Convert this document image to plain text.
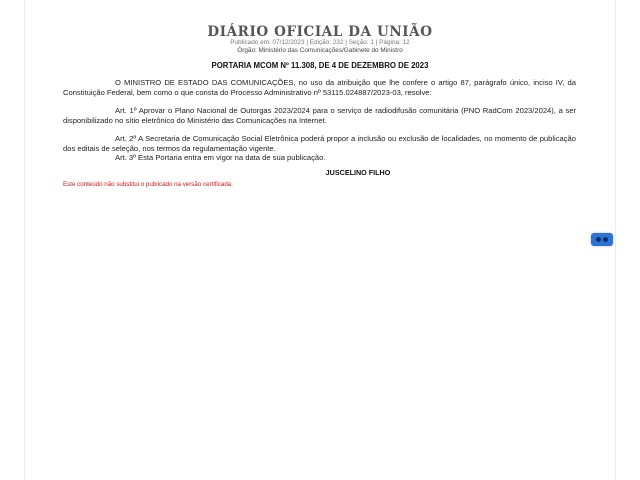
DIÁRIO OFICIAL DA UNIÃO
Publicado em: 07/12/2023 | Edição: 232 | Seção: 1 | Página: 12
Órgão: Ministério das Comunicações/Gabinete do Ministro
PORTARIA MCOM Nº 11.308, DE 4 DE DEZEMBRO DE 2023

O MINISTRO DE ESTADO DAS COMUNICAÇÕES, no uso da atribuição que lhe confere o artigo 87, parágrafo único, inciso IV, da Constituição Federal, bem como o que consta do Processo Administrativo nº 53115.024887/2023-03, resolve:

Art. 1º Aprovar o Plano Nacional de Outorgas 2023/2024 para o serviço de radiodifusão comunitária (PNO RadCom 2023/2024), a ser disponibilizado no sítio eletrônico do Ministério das Comunicações na Internet.

Art. 2º A Secretaria de Comunicação Social Eletrônica poderá propor a inclusão ou exclusão de localidades, no momento de publicação dos editais de seleção, nos termos da regulamentação vigente.

Art. 3º Esta Portaria entra em vigor na data de sua publicação.

JUSCELINO FILHO
Este conteúdo não substitui o publicado na versão certificada.
